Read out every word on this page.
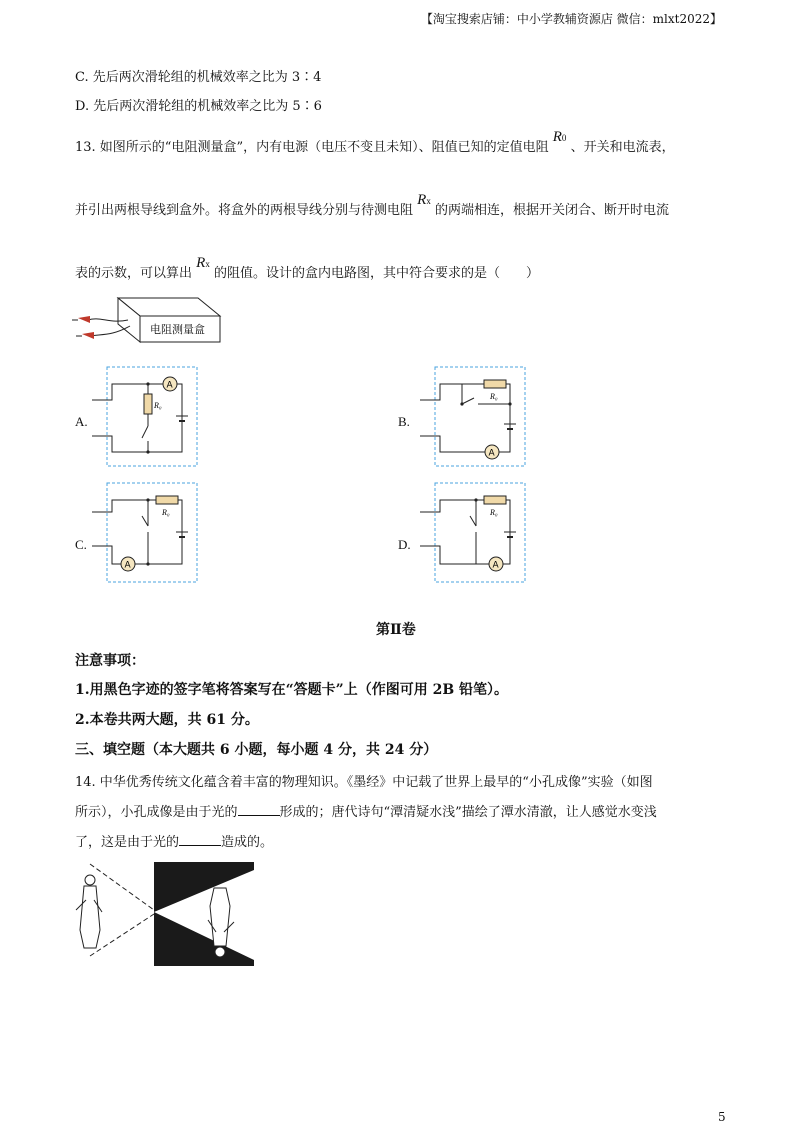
【淘宝搜索店铺：中小学教辅资源店 微信：mlxt2022】
C. 先后两次滑轮组的机械效率之比为 3∶4
D. 先后两次滑轮组的机械效率之比为 5∶6
13. 如图所示的“电阻测量盒”，内有电源（电压不变且未知）、阻值已知的定值电阻 R0 、开关和电流表，
并引出两根导线到盒外。将盒外的两根导线分别与待测电阻 Rx 的两端相连，根据开关闭合、断开时电流
表的示数，可以算出 Rx 的阻值。设计的盒内电路图，其中符合要求的是（　　）
电阻测量盒
A.	B.
C.	D.
A
R₀
A
R₀
A
R₀
A
R₀
第Ⅱ卷
注意事项：
1.用黑色字迹的签字笔将答案写在“答题卡”上（作图可用 2B 铅笔）。
2.本卷共两大题，共 61 分。
三、填空题（本大题共 6 小题，每小题 4 分，共 24 分）
14. 中华优秀传统文化蕴含着丰富的物理知识。《墨经》中记载了世界上最早的“小孔成像”实验（如图
所示），小孔成像是由于光的	形成的；唐代诗句“潭清疑水浅”描绘了潭水清澈，让人感觉水变浅
了，这是由于光的	造成的。
5
